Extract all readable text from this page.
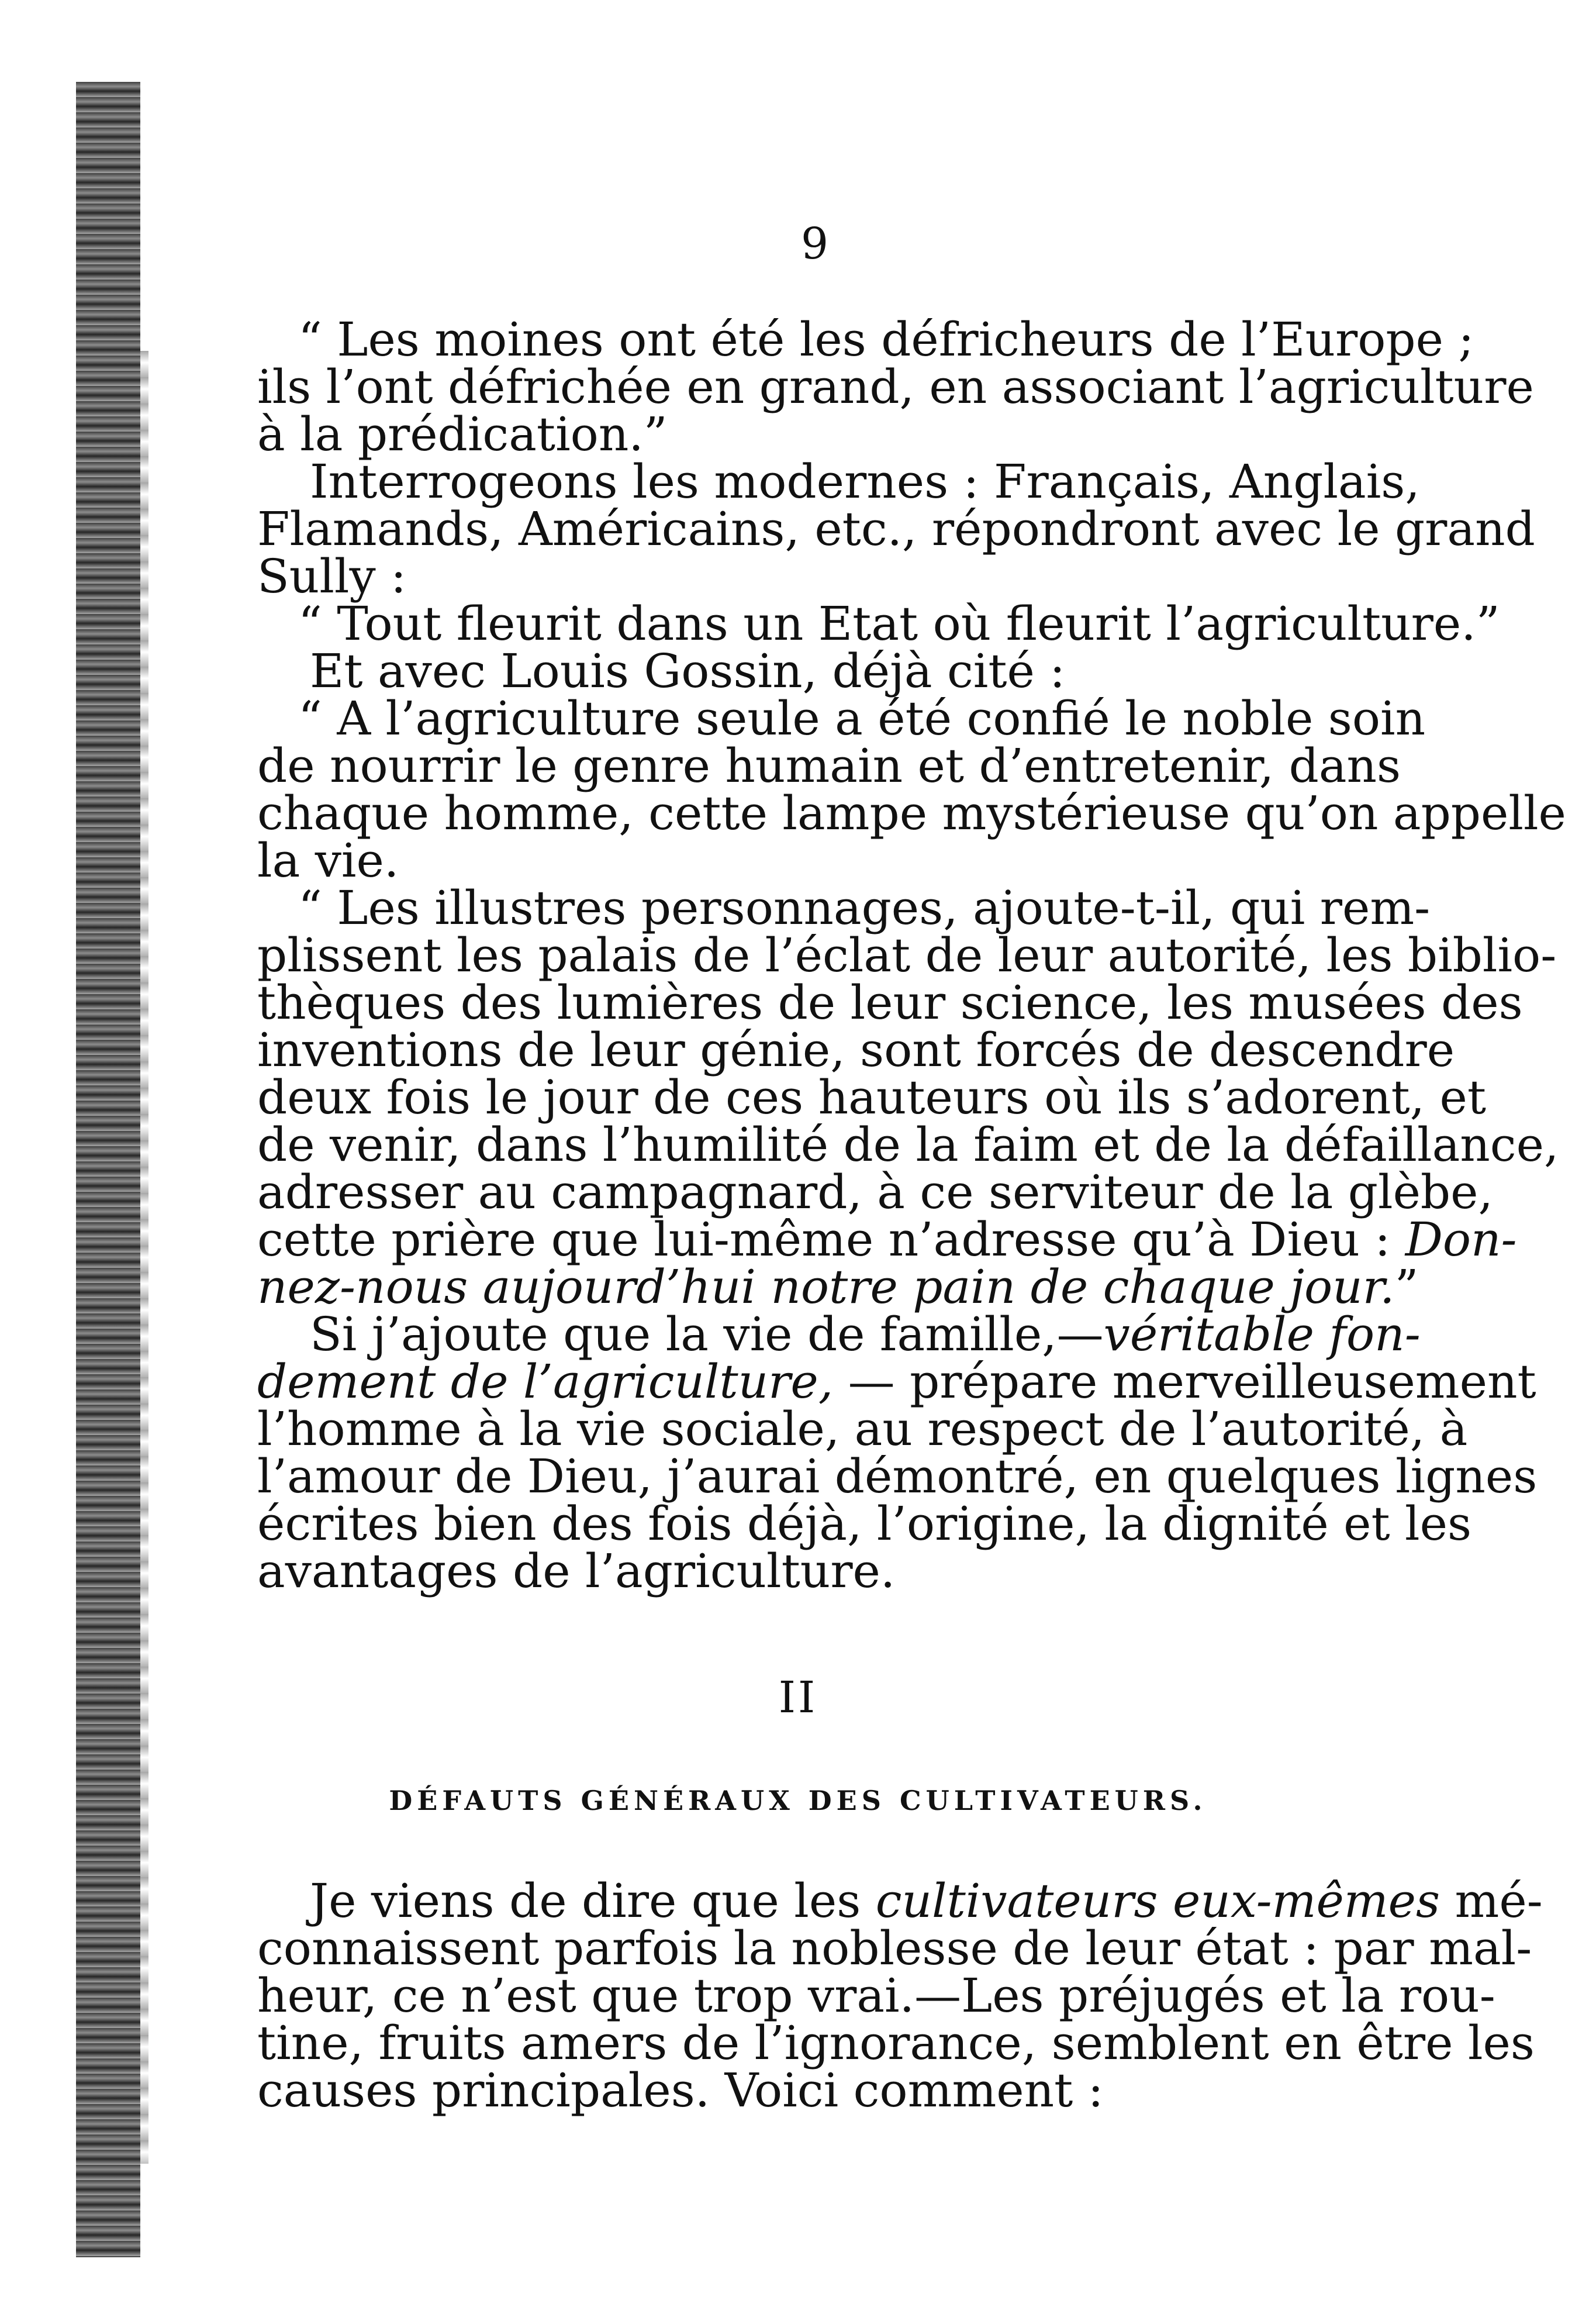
9
“ Les moines ont été les défricheurs de l’Europe ;
ils l’ont défrichée en grand, en associant l’agriculture
à la prédication.”
Interrogeons les modernes : Français, Anglais,
Flamands, Américains, etc., répondront avec le grand
Sully :
“ Tout fleurit dans un Etat où fleurit l’agriculture.”
Et avec Louis Gossin, déjà cité :
“ A l’agriculture seule a été confié le noble soin
de nourrir le genre humain et d’entretenir, dans
chaque homme, cette lampe mystérieuse qu’on appelle
la vie.
“ Les illustres personnages, ajoute-t-il, qui rem-
plissent les palais de l’éclat de leur autorité, les biblio-
thèques des lumières de leur science, les musées des
inventions de leur génie, sont forcés de descendre
deux fois le jour de ces hauteurs où ils s’adorent, et
de venir, dans l’humilité de la faim et de la défaillance,
adresser au campagnard, à ce serviteur de la glèbe,
cette prière que lui-même n’adresse qu’à Dieu : Don-
nez-nous aujourd’hui notre pain de chaque jour.”
Si j’ajoute que la vie de famille,—véritable fon-
dement de l’agriculture, — prépare merveilleusement
l’homme à la vie sociale, au respect de l’autorité, à
l’amour de Dieu, j’aurai démontré, en quelques lignes
écrites bien des fois déjà, l’origine, la dignité et les
avantages de l’agriculture.
II
DÉFAUTS GÉNÉRAUX DES CULTIVATEURS.
Je viens de dire que les cultivateurs eux-mêmes mé-
connaissent parfois la noblesse de leur état : par mal-
heur, ce n’est que trop vrai.—Les préjugés et la rou-
tine, fruits amers de l’ignorance, semblent en être les
causes principales. Voici comment :
